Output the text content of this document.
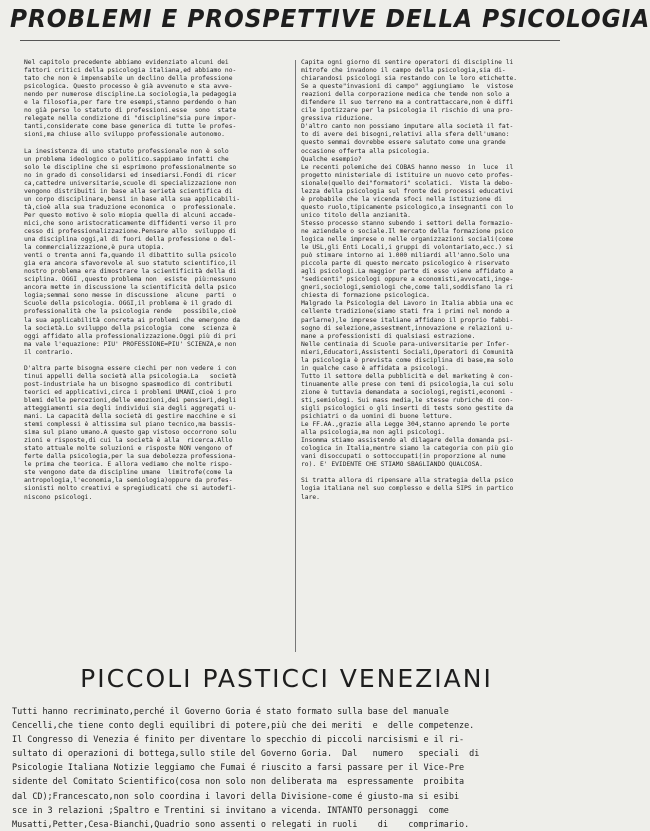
PROBLEMI E PROSPETTIVE DELLA PSICOLOGIA
Nel capitolo precedente abbiamo evidenziato alcuni dei
fattori critici della psicologia italiana,ed abbiamo no-
tato che non è impensabile un declino della professione
psicologica. Questo processo è già avvenuto e sta avve-
nendo per numerose discipline.La sociologia,la pedagogia
e la filosofia,per fare tre esempi,stanno perdendo o han
no già perso lo statuto di professioni.esse  sono  state
relegate nella condizione di "discipline"sia pure impor-
tanti,considerate come base generica di tutte le profes-
sioni,ma chiuse allo sviluppo professionale autonomo.

La inesistenza di uno statuto professionale non è solo
un problema ideologico o politico.sappiamo infatti che
solo le discipline che si esprimono professionalmente so
no in grado di consolidarsi ed insediarsi.Fondi di ricer
ca,cattedre universitarie,scuole di specializzazione non
vengono distribuiti in base alla serietà scientifica di
un corpo disciplinare,bensì in base alla sua applicabili-
tà,cioè alla sua traduzione economica  o  professionale.
Per questo motivo è solo miopia quella di alcuni accade-
mici,che sono aristocraticamente diffidenti verso il pro
cesso di professionalizzazione.Pensare allo  sviluppo di
una disciplina oggi,al di fuori della professione o del-
la commercializzazione,è pura utopia.
venti o trenta anni fa,quando il dibattito sulla psicolo
gia era ancora sfavorevole al suo statuto scientifico,il
nostro problema era dimostrare la scientificità della di
sciplina. OGGI ,questo problema non  esiste  più:nessuno
ancora mette in discussione la scientificità della psico
logia;semmai sono messe in discussione  alcune  parti  o
Scuole della psicologia. OGGI,il problema è il grado di
professionalità che la psicologia rende   possibile,cioè
la sua applicabilità concreta ai problemi che emergono da
la società.Lo sviluppo della psicologia  come  scienza è
oggi affidato alla professionalizzazione.Oggi più di pri
ma vale l'equazione: PIU' PROFESSIONE=PIU' SCIENZA,e non
il contrario.

D'altra parte bisogna essere ciechi per non vedere i con
tinui appelli della società alla psicologia.La   società
post-industriale ha un bisogno spasmodico di contributi
teorici ed applicativi,circa i problemi UMANI,cioè i pro
blemi delle percezioni,delle emozioni,dei pensieri,degli
atteggiamenti sia degli individui sia degli aggregati u-
mani. La capacità della società di gestire macchine e si
stemi complessi è altissima sul piano tecnico,ma bassis-
sima sul piano umano.A questo gap vistoso occorrono solu
zioni e risposte,di cui la società è alla  ricerca.Allo
stato attuale molte soluzioni e risposte NON vengono of
ferte dalla psicologia,per la sua debolezza professiona-
le prima che teorica. E allora vediamo che molte rispo-
ste vengono date da discipline umane  limitrofe(come la
antropologia,l'economia,la semiologia)oppure da profes-
sionisti molto creativi e spregiudicati che si autodefi-
niscono psicologi.
Capita ogni giorno di sentire operatori di discipline li
mitrofe che invadono il campo della psicologia,sia di-
chiarandosi psicologi sia restando con le loro etichette.
Se a queste"invasioni di campo" aggiungiamo  le  vistose
reazioni della corporazione medica che tende non solo a
difendere il suo terreno ma a contrattaccare,non è diffi
cile ipotizzare per la psicologia il rischio di una pro-
gressiva riduzione.
D'altro canto non possiamo imputare alla società il fat-
to di avere dei bisogni,relativi alla sfera dell'umano:
questo semmai dovrebbe essere salutato come una grande
occasione offerta alla psicologia.
Qualche esempio?
Le recenti polemiche dei COBAS hanno messo  in  luce  il
progetto ministeriale di istituire un nuovo ceto profes-
sionale(quello dei"formatori" scolatici.  Vista la debo-
lezza della psicologia sul fronte dei processi educativi
è probabile che la vicenda sfoci nella istituzione di
questo ruolo,tipicamente psicologico,a insegnanti con lo
unico titolo della anzianità.
Stesso processo stanno subendo i settori della formazio-
ne aziendale o sociale.Il mercato della formazione psico
logica nelle imprese o nelle organizzazioni sociali(come
le USL,gli Enti Locali,i gruppi di volontariato,ecc.) si
può stimare intorno ai 1.000 miliardi all'anno.Solo una
piccola parte di questo mercato psicologico è riservato
agli psicologi.La maggior parte di esso viene affidato a
"sedicenti" psicologi oppure a economisti,avvocati,inge-
gneri,sociologi,semiologi che,come tali,soddisfano la ri
chiesta di formazione psicologica.
Malgrado la Psicologia del Lavoro in Italia abbia una ec
cellente tradizione(siamo stati fra i primi nel mondo a
parlarne),le imprese italiane affidano il proprio fabbi-
sogno di selezione,assestment,innovazione e relazioni u-
mane a professionisti di qualsiasi estrazione.
Nelle centinaia di Scuole para-universitarie per Infer-
mieri,Educatori,Assistenti Sociali,Operatori di Comunità
la psicologia è prevista come disciplina di base,ma solo
in qualche caso è affidata a psicologi.
Tutto il settore della pubblicità e del marketing è con-
tinuamente alle prese con temi di psicologia,la cui solu
zione è tuttavia demandata a sociologi,registi,economi -
sti,semiologi. Sui mass media,le stesse rubriche di con-
sigli psicologici o gli inserti di tests sono gestite da
psichiatri o da uomini di buone letture.
Le FF.AA.,grazie alla Legge 304,stanno aprendo le porte
alla psicologia,ma non agli psicologi.
Insomma stiamo assistendo al dilagare della domanda psi-
cologica in Italia,mentre siamo la categoria con più gio
vani disoccupati o sottoccupati(in proporzione al nume
ro). E' EVIDENTE CHE STIAMO SBAGLIANDO QUALCOSA.

Si tratta allora di ripensare alla strategia della psico
logia italiana nel suo complesso e della SIPS in partico
lare.
PICCOLI PASTICCI VENEZIANI
Tutti hanno recriminato,perché il Governo Goria é stato formato sulla base del manuale
Cencelli,che tiene conto degli equilibri di potere,più che dei meriti  e  delle competenze.
Il Congresso di Venezia é finito per diventare lo specchio di piccoli narcisismi e il ri-
sultato di operazioni di bottega,sullo stile del Governo Goria.  Dal   numero   speciali  di
Psicologie Italiana Notizie leggiamo che Fumai é riuscito a farsi passare per il Vice-Pre
sidente del Comitato Scientifico(cosa non solo non deliberata ma  espressamente  proibita
dal CD);Francescato,non solo coordina i lavori della Divisione-come é giusto-ma si esibi
sce in 3 relazioni ;Spaltro e Trentini si invitano a vicenda. INTANTO personaggi  come
Musatti,Petter,Cesa-Bianchi,Quadrio sono assenti o relegati in ruoli    di    comprimario.
